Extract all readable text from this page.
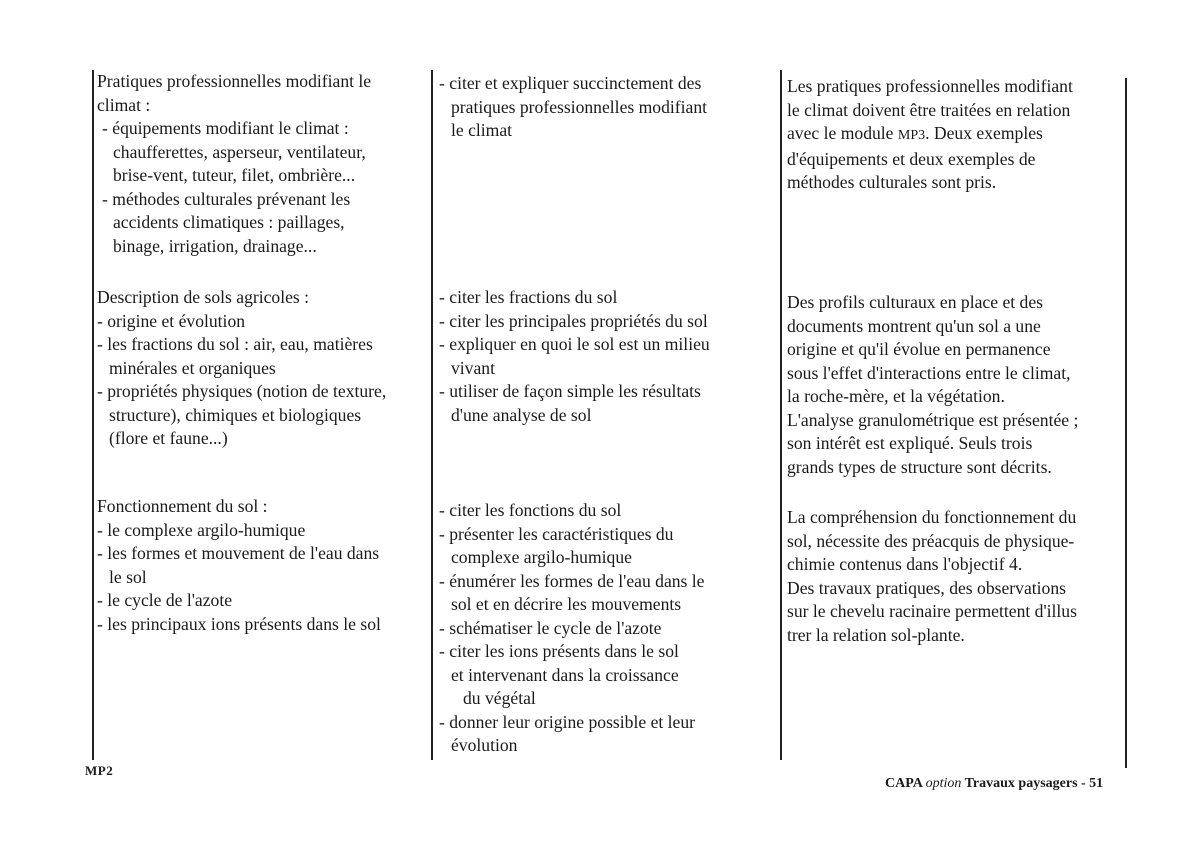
Pratiques professionnelles modifiant le
climat :
- équipements modifiant le climat :
chaufferettes, asperseur, ventilateur,
brise-vent, tuteur, filet, ombrière...
- méthodes culturales prévenant les
accidents climatiques : paillages,
binage, irrigation, drainage...
Description de sols agricoles :
- origine et évolution
- les fractions du sol : air, eau, matières
minérales et organiques
- propriétés physiques (notion de texture,
structure), chimiques et biologiques
(flore et faune...)
Fonctionnement du sol :
- le complexe argilo-humique
- les formes et mouvement de l'eau dans
le sol
- le cycle de l'azote
- les principaux ions présents dans le sol
- citer et expliquer succinctement des
pratiques professionnelles modifiant
le climat
- citer les fractions du sol
- citer les principales propriétés du sol
- expliquer en quoi le sol est un milieu
vivant
- utiliser de façon simple les résultats
d'une analyse de sol
- citer les fonctions du sol
- présenter les caractéristiques du
complexe argilo-humique
- énumérer les formes de l'eau dans le
sol et en décrire les mouvements
- schématiser le cycle de l'azote
- citer les ions présents dans le sol
et intervenant dans la croissance
du végétal
- donner leur origine possible et leur
évolution
Les pratiques professionnelles modifiant
le climat doivent être traitées en relation
avec le module MP3. Deux exemples
d'équipements et deux exemples de
méthodes culturales sont pris.
Des profils culturaux en place et des
documents montrent qu'un sol a une
origine et qu'il évolue en permanence
sous l'effet d'interactions entre le climat,
la roche-mère, et la végétation.
L'analyse granulométrique est présentée ;
son intérêt est expliqué. Seuls trois
grands types de structure sont décrits.
La compréhension du fonctionnement du
sol, nécessite des préacquis de physique-
chimie contenus dans l'objectif 4.
Des travaux pratiques, des observations
sur le chevelu racinaire permettent d'illus
trer la relation sol-plante.
MP2
CAPA option Travaux paysagers - 51
